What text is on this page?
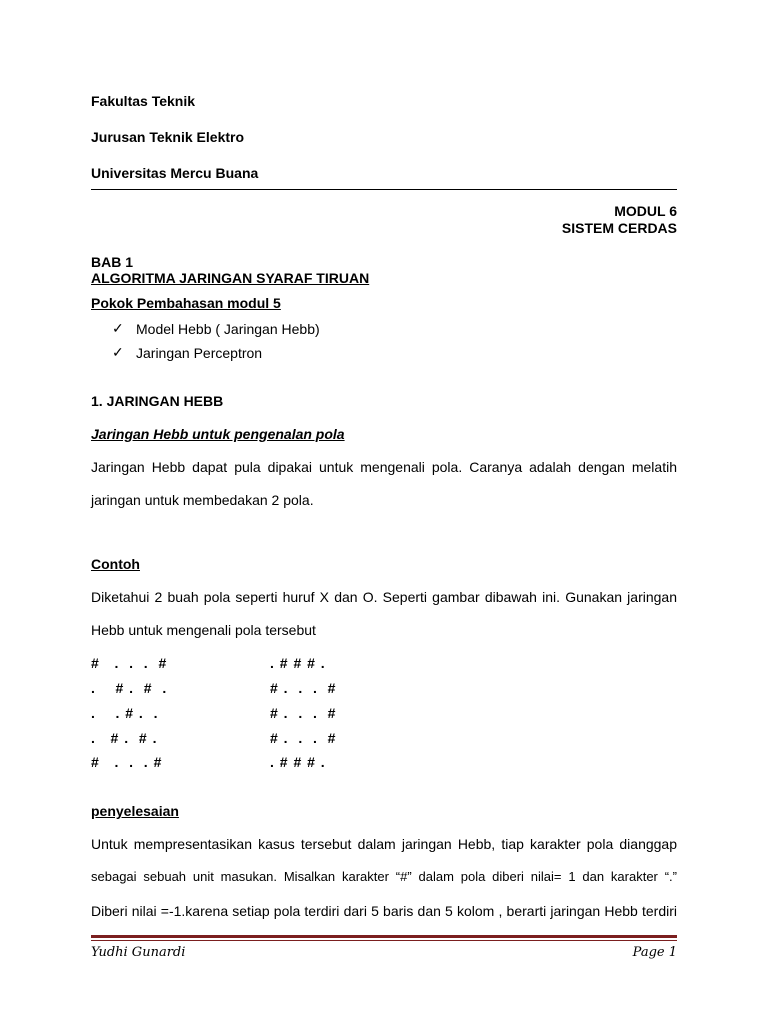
Fakultas Teknik
Jurusan Teknik Elektro
Universitas Mercu Buana
MODUL 6
SISTEM CERDAS
BAB 1
ALGORITMA JARINGAN SYARAF TIRUAN
Pokok Pembahasan modul 5
✓ Model Hebb ( Jaringan Hebb)
✓ Jaringan Perceptron
1. JARINGAN HEBB
Jaringan Hebb untuk pengenalan pola
Jaringan Hebb dapat pula dipakai untuk mengenali pola. Caranya adalah dengan melatih
jaringan untuk membedakan 2 pola.
Contoh
Diketahui 2 buah pola seperti huruf X dan O. Seperti gambar dibawah ini. Gunakan jaringan
Hebb untuk mengenali pola tersebut
#   .  .  .  #
.    # .  #  .
.    . # .  .
.   # .  # .
#   .  .  . #
. # # # .
# .  .  .  #
# .  .  .  #
# .  .  .  #
. # # # .
penyelesaian
Untuk mempresentasikan kasus tersebut dalam jaringan Hebb, tiap karakter pola dianggap
sebagai sebuah unit masukan. Misalkan karakter “#” dalam pola diberi nilai= 1 dan karakter “.”
Diberi nilai =-1.karena setiap pola terdiri dari 5 baris dan 5 kolom , berarti jaringan Hebb terdiri
Yudhi Gunardi	Page 1
